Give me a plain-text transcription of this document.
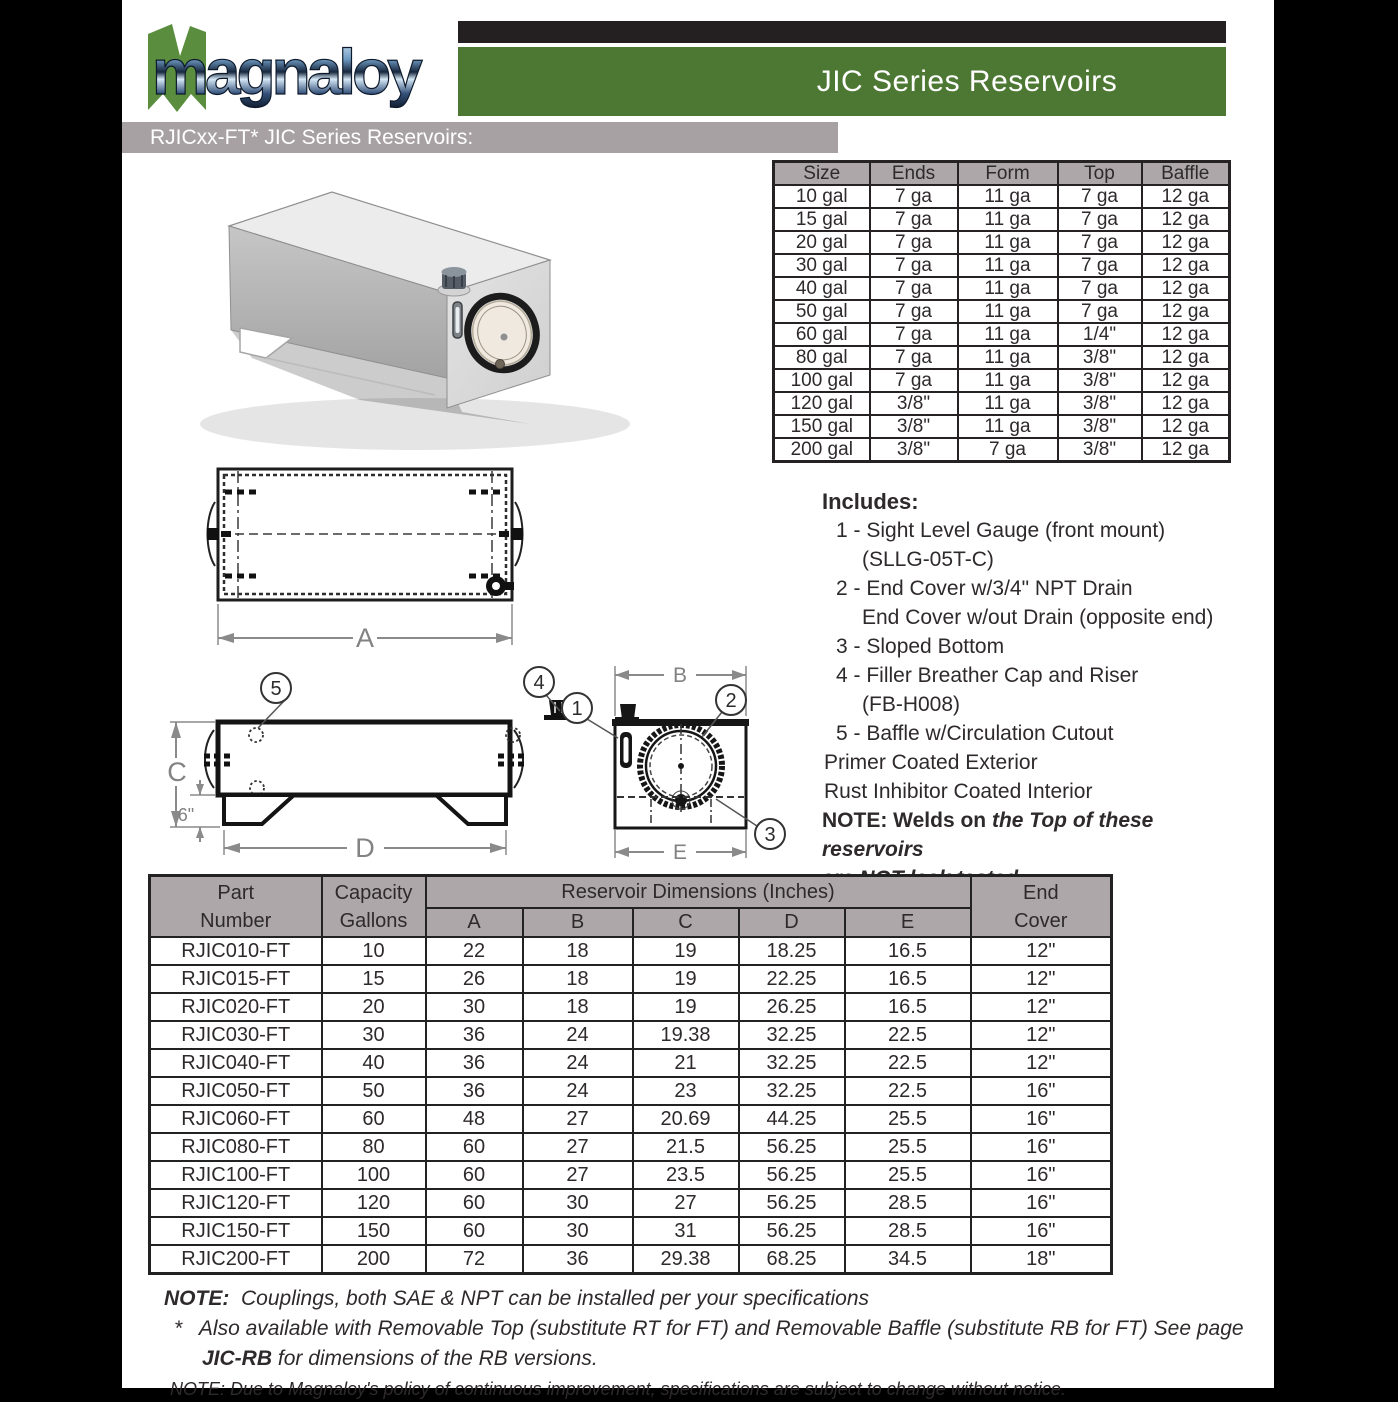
magnaloy	JIC Series Reservoirs
RJICxx-FT* JIC Series Reservoirs:
Size	Ends	Form	Top	Baffle
10 gal	7 ga	11 ga	7 ga	12 ga
15 gal	7 ga	11 ga	7 ga	12 ga
20 gal	7 ga	11 ga	7 ga	12 ga
30 gal	7 ga	11 ga	7 ga	12 ga
40 gal	7 ga	11 ga	7 ga	12 ga
50 gal	7 ga	11 ga	7 ga	12 ga
60 gal	7 ga	11 ga	1/4"	12 ga
80 gal	7 ga	11 ga	3/8"	12 ga
100 gal	7 ga	11 ga	3/8"	12 ga
120 gal	3/8"	11 ga	3/8"	12 ga
150 gal	3/8"	11 ga	3/8"	12 ga
200 gal	3/8"	7 ga	3/8"	12 ga
A
C
6"
D
5	4	B
E
1	2
3
Includes:
1 - Sight Level Gauge (front mount)
(SLLG-05T-C)
2 - End Cover w/3/4" NPT Drain
End Cover w/out Drain (opposite end)
3 - Sloped Bottom
4 - Filler Breather Cap and Riser
(FB-H008)
5 - Baffle w/Circulation Cutout
Primer Coated Exterior
Rust Inhibitor Coated Interior
NOTE: Welds on the Top of these reservoirs
Part
Number

Capacity
Gallons
	Reservoir Dimensions (Inches)	End
Cover

		A	B	C	D	E	
RJIC010-FT	10	22	18	19	18.25	16.5	12"
RJIC015-FT	15	26	18	19	22.25	16.5	12"
RJIC020-FT	20	30	18	19	26.25	16.5	12"
RJIC030-FT	30	36	24	19.38	32.25	22.5	12"
RJIC040-FT	40	36	24	21	32.25	22.5	12"
RJIC050-FT	50	36	24	23	32.25	22.5	16"
RJIC060-FT	60	48	27	20.69	44.25	25.5	16"
RJIC080-FT	80	60	27	21.5	56.25	25.5	16"
RJIC100-FT	100	60	27	23.5	56.25	25.5	16"
RJIC120-FT	120	60	30	27	56.25	28.5	16"
RJIC150-FT	150	60	30	31	56.25	28.5	16"
RJIC200-FT	200	72	36	29.38	68.25	34.5	18"
NOTE: Couplings, both SAE & NPT can be installed per your specifications
* Also available with Removable Top (substitute RT for FT) and Removable Baffle (substitute RB for FT) See page
JIC-RB for dimensions of the RB versions.
NOTE: Due to Magnaloy's policy of continuous improvement, specifications are subject to change without notice.
